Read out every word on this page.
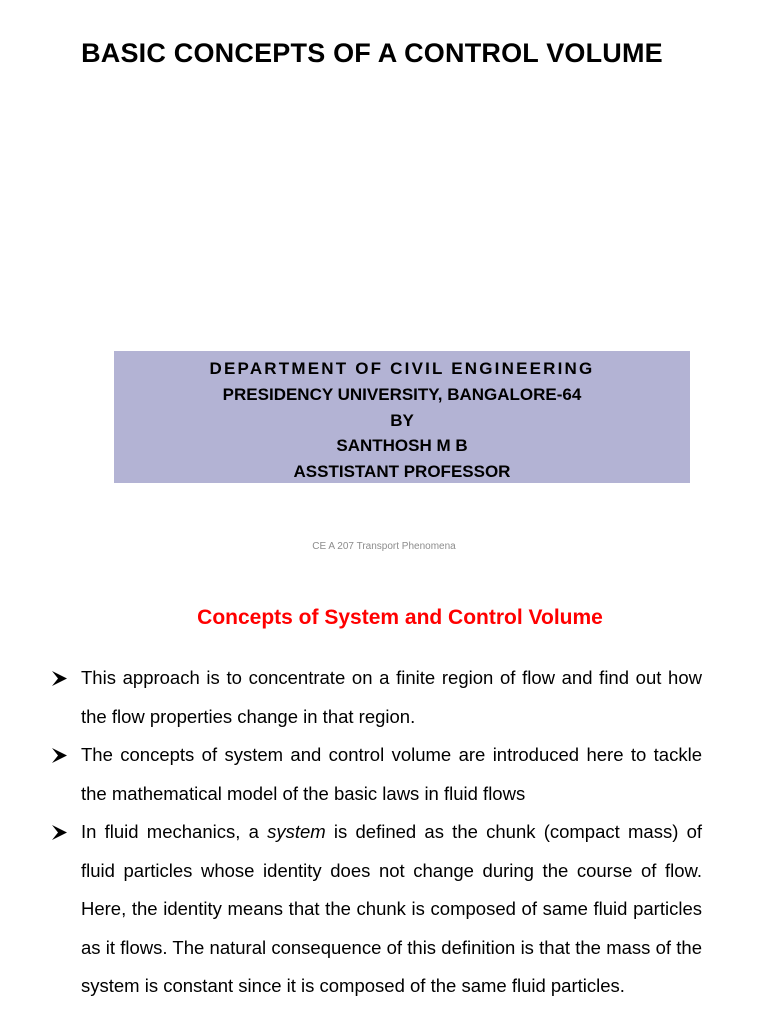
BASIC CONCEPTS OF A CONTROL VOLUME
DEPARTMENT OF CIVIL ENGINEERING
PRESIDENCY UNIVERSITY, BANGALORE-64
BY
SANTHOSH M B
ASSTISTANT PROFESSOR
CE A 207 Transport Phenomena
Concepts of System and Control Volume
This approach is to concentrate on a finite region of flow and find out how the flow properties change in that region.
The concepts of system and control volume are introduced here to tackle the mathematical model of the basic laws in fluid flows
In fluid mechanics, a system is defined as the chunk (compact mass) of fluid particles whose identity does not change during the course of flow. Here, the identity means that the chunk is composed of same fluid particles as it flows. The natural consequence of this definition is that the mass of the system is constant since it is composed of the same fluid particles.
